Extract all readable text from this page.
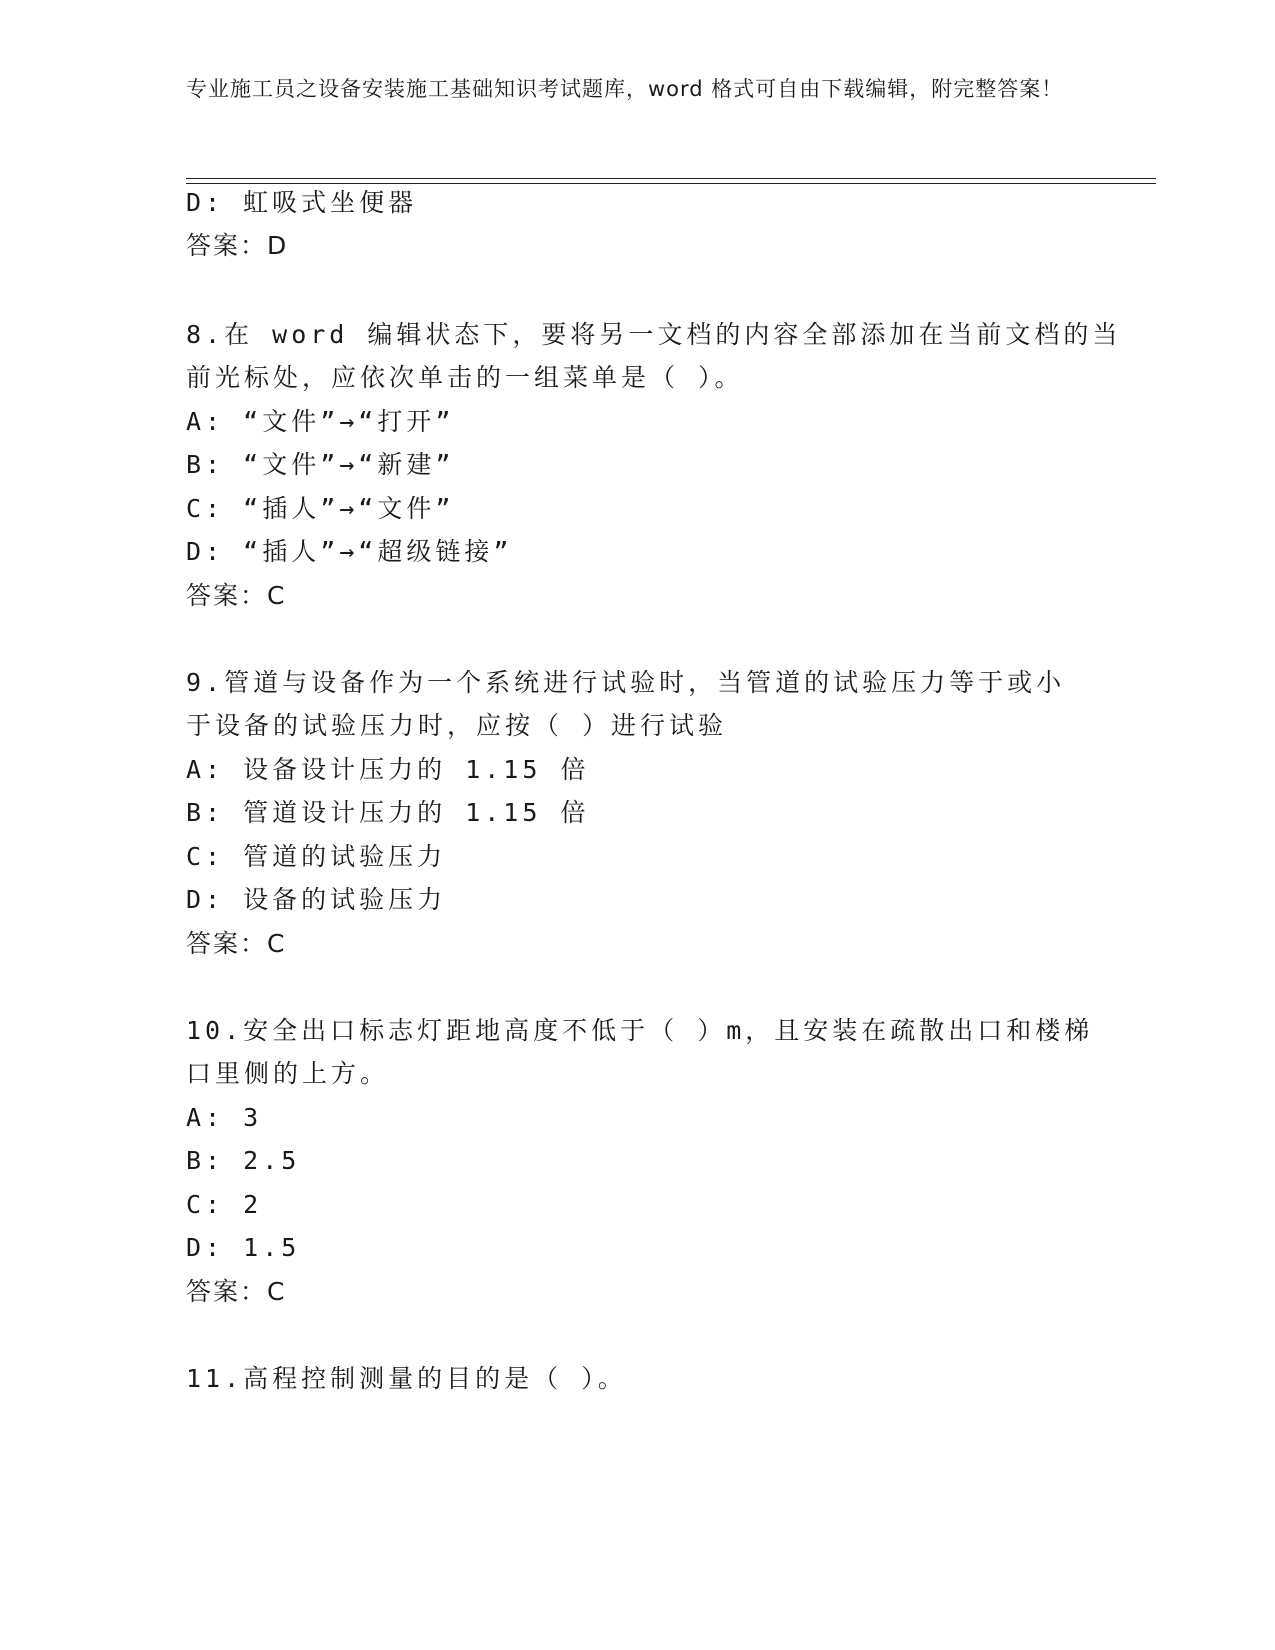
专业施工员之设备安装施工基础知识考试题库，word 格式可自由下载编辑，附完整答案！
D: 虹吸式坐便器
答案：D
8.在 word 编辑状态下，要将另一文档的内容全部添加在当前文档的当
前光标处，应依次单击的一组菜单是（ ）。
A: “文件”→“打开”
B: “文件”→“新建”
C: “插人”→“文件”
D: “插人”→“超级链接”
答案：C
9.管道与设备作为一个系统进行试验时，当管道的试验压力等于或小
于设备的试验压力时，应按（ ）进行试验
A: 设备设计压力的 1.15 倍
B: 管道设计压力的 1.15 倍
C: 管道的试验压力
D: 设备的试验压力
答案：C
10.安全出口标志灯距地高度不低于（ ）m，且安装在疏散出口和楼梯
口里侧的上方。
A: 3
B: 2.5
C: 2
D: 1.5
答案：C
11.高程控制测量的目的是（ ）。
